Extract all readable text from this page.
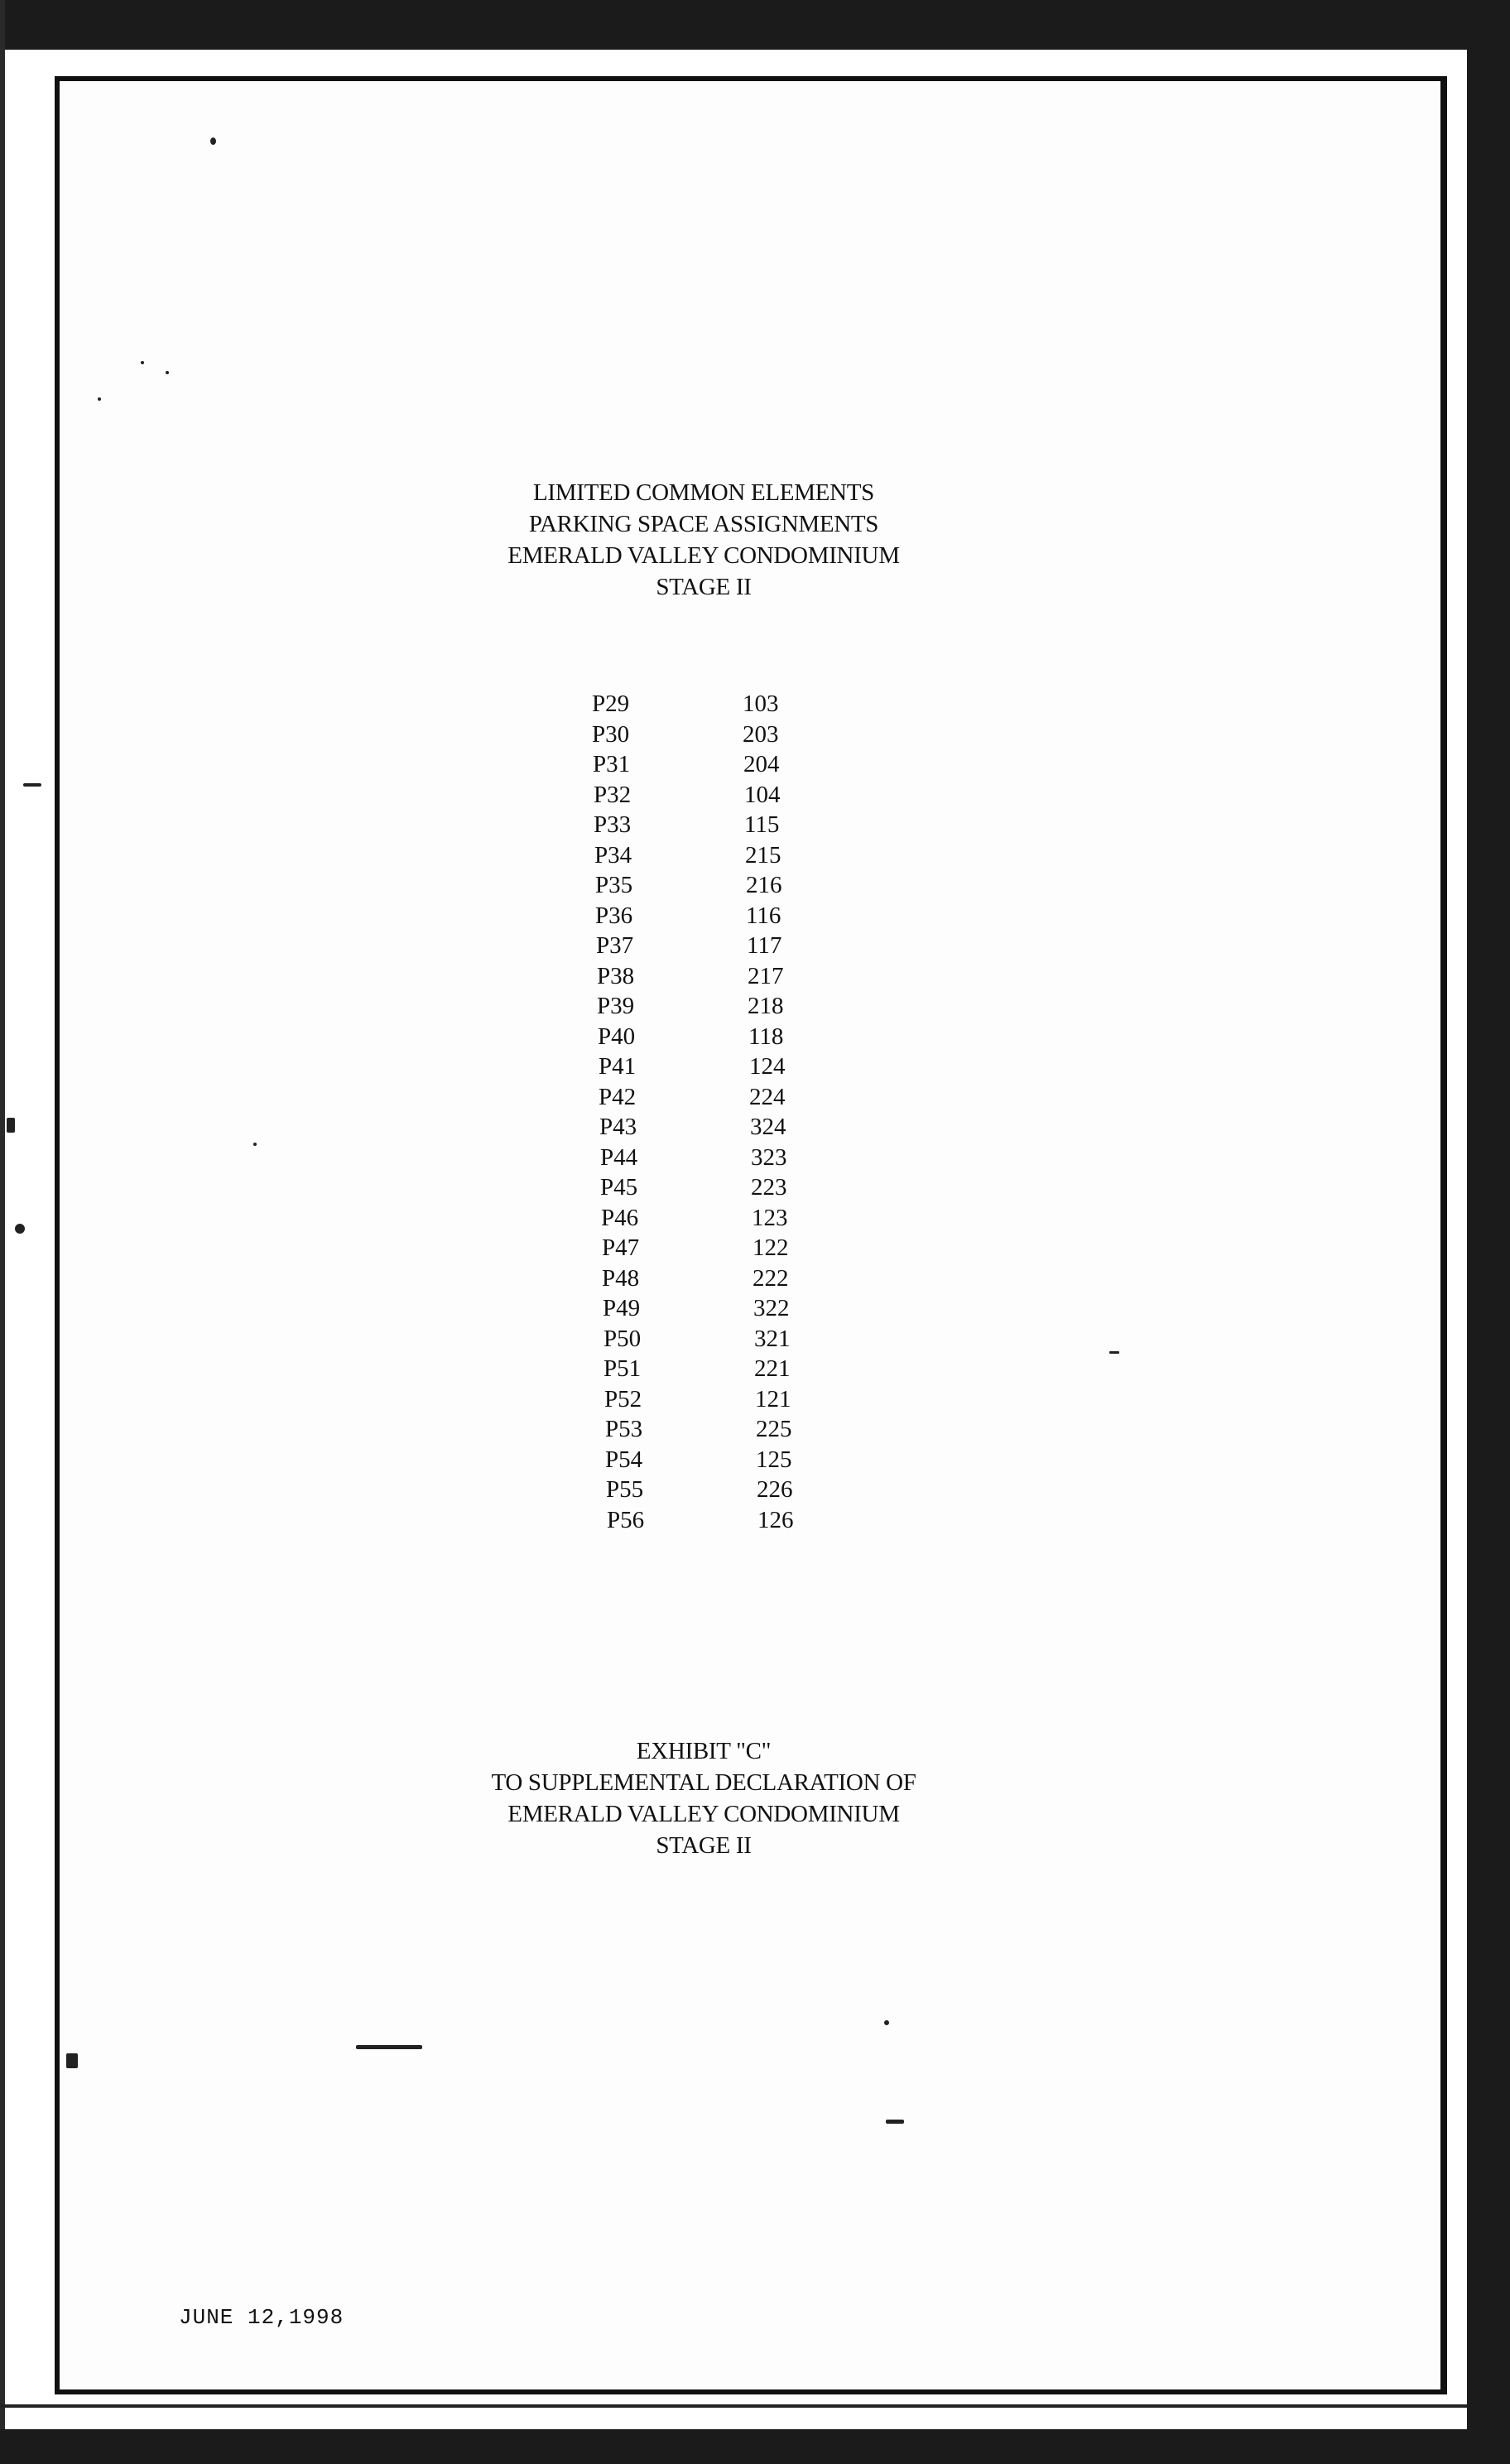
LIMITED COMMON ELEMENTS
PARKING SPACE ASSIGNMENTS
EMERALD VALLEY CONDOMINIUM
STAGE II
P29	103
P30	203
P31	204
P32	104
P33	115
P34	215
P35	216
P36	116
P37	117
P38	217
P39	218
P40	118
P41	124
P42	224
P43	324
P44	323
P45	223
P46	123
P47	122
P48	222
P49	322
P50	321
P51	221
P52	121
P53	225
P54	125
P55	226
P56	126
EXHIBIT "C"
TO SUPPLEMENTAL DECLARATION OF
EMERALD VALLEY CONDOMINIUM
STAGE II
JUNE 12,1998
